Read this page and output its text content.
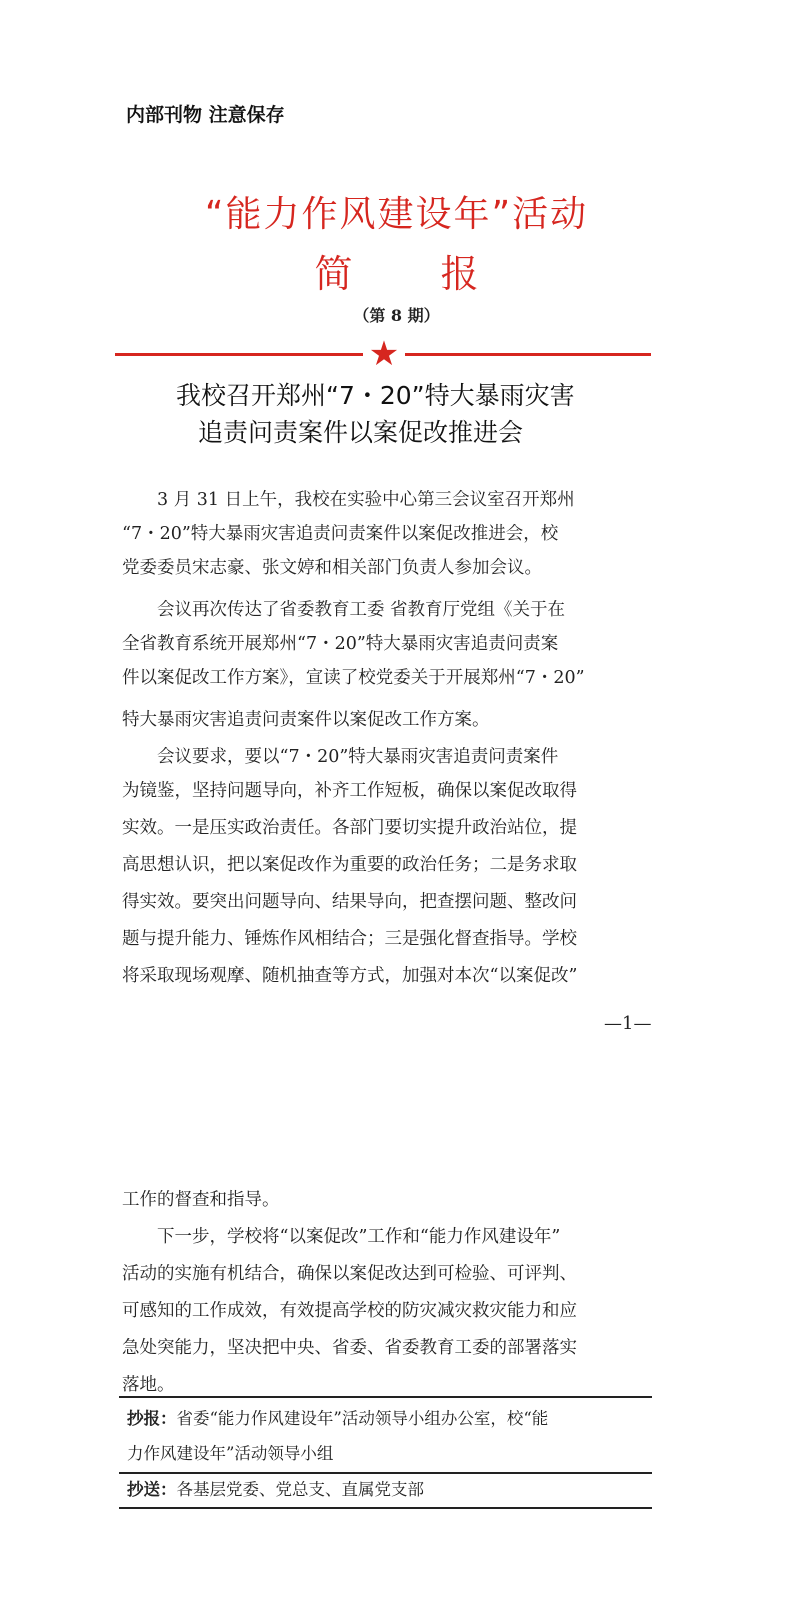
内部刊物 注意保存
“能力作风建设年”活动
简 报
（第 8 期）
★
我校召开郑州“7・20”特大暴雨灾害
追责问责案件以案促改推进会
　　3 月 31 日上午，我校在实验中心第三会议室召开郑州
“7・20”特大暴雨灾害追责问责案件以案促改推进会，校
党委委员宋志豪、张文婷和相关部门负责人参加会议。
　　会议再次传达了省委教育工委 省教育厅党组《关于在
全省教育系统开展郑州“7・20”特大暴雨灾害追责问责案
件以案促改工作方案》，宣读了校党委关于开展郑州“7・20”
特大暴雨灾害追责问责案件以案促改工作方案。
　　会议要求，要以“7・20”特大暴雨灾害追责问责案件
为镜鉴，坚持问题导向，补齐工作短板，确保以案促改取得
实效。一是压实政治责任。各部门要切实提升政治站位，提
高思想认识，把以案促改作为重要的政治任务；二是务求取
得实效。要突出问题导向、结果导向，把查摆问题、整改问
题与提升能力、锤炼作风相结合；三是强化督查指导。学校
将采取现场观摩、随机抽查等方式，加强对本次“以案促改”
—1—
工作的督查和指导。
　　下一步，学校将“以案促改”工作和“能力作风建设年”
活动的实施有机结合，确保以案促改达到可检验、可评判、
可感知的工作成效，有效提高学校的防灾减灾救灾能力和应
急处突能力，坚决把中央、省委、省委教育工委的部署落实
落地。
抄报：省委“能力作风建设年”活动领导小组办公室，校“能
力作风建设年”活动领导小组
抄送：各基层党委、党总支、直属党支部
